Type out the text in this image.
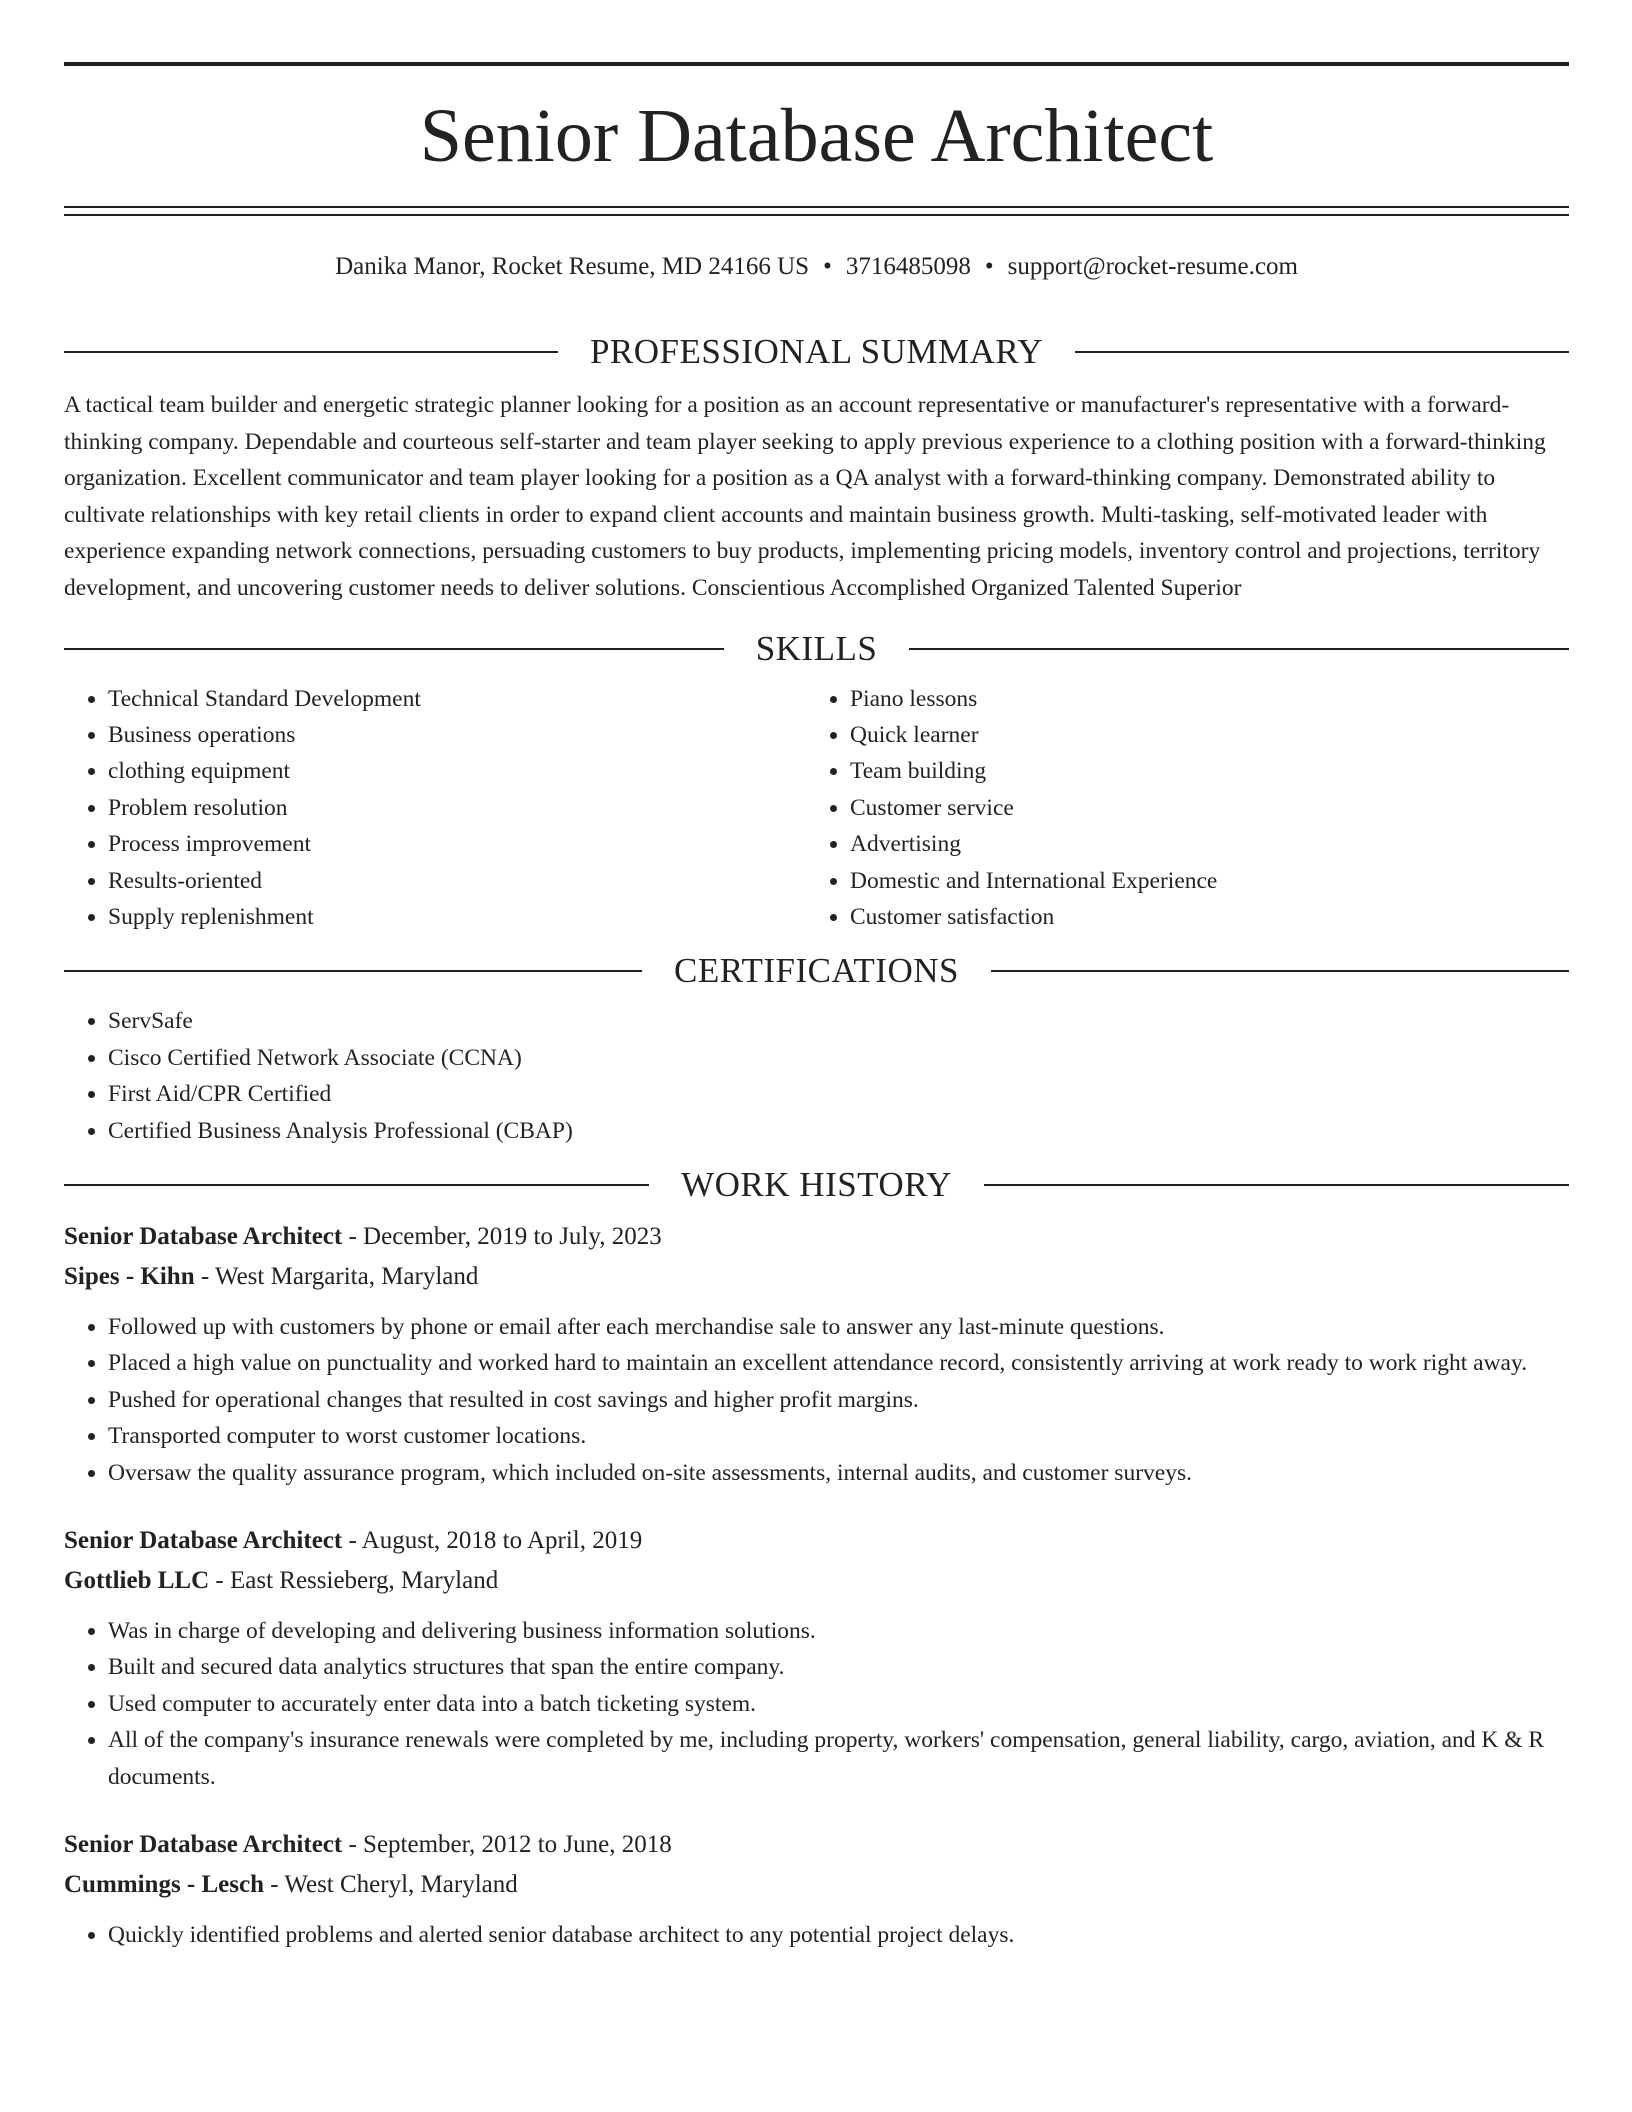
Senior Database Architect
Danika Manor, Rocket Resume, MD 24166 US • 3716485098 • support@rocket-resume.com
PROFESSIONAL SUMMARY

A tactical team builder and energetic strategic planner looking for a position as an account representative or manufacturer's representative with a forward-thinking company. Dependable and courteous self-starter and team player seeking to apply previous experience to a clothing position with a forward-thinking organization. Excellent communicator and team player looking for a position as a QA analyst with a forward-thinking company. Demonstrated ability to cultivate relationships with key retail clients in order to expand client accounts and maintain business growth. Multi-tasking, self-motivated leader with experience expanding network connections, persuading customers to buy products, implementing pricing models, inventory control and projections, territory development, and uncovering customer needs to deliver solutions. Conscientious Accomplished Organized Talented Superior

SKILLS
• Technical Standard Development
• Business operations
• clothing equipment
• Problem resolution
• Process improvement
• Results-oriented
• Supply replenishment
• Piano lessons
• Quick learner
• Team building
• Customer service
• Advertising
• Domestic and International Experience
• Customer satisfaction
CERTIFICATIONS
• ServSafe
• Cisco Certified Network Associate (CCNA)
• First Aid/CPR Certified
• Certified Business Analysis Professional (CBAP)
WORK HISTORY
Senior Database Architect - December, 2019 to July, 2023
Sipes - Kihn - West Margarita, Maryland
• Followed up with customers by phone or email after each merchandise sale to answer any last-minute questions.
• Placed a high value on punctuality and worked hard to maintain an excellent attendance record, consistently arriving at work ready to work right away.
• Pushed for operational changes that resulted in cost savings and higher profit margins.
• Transported computer to worst customer locations.
• Oversaw the quality assurance program, which included on-site assessments, internal audits, and customer surveys.
Senior Database Architect - August, 2018 to April, 2019
Gottlieb LLC - East Ressieberg, Maryland
• Was in charge of developing and delivering business information solutions.
• Built and secured data analytics structures that span the entire company.
• Used computer to accurately enter data into a batch ticketing system.
• All of the company's insurance renewals were completed by me, including property, workers' compensation, general liability, cargo, aviation, and K & R documents.
Senior Database Architect - September, 2012 to June, 2018
Cummings - Lesch - West Cheryl, Maryland
• Quickly identified problems and alerted senior database architect to any potential project delays.
